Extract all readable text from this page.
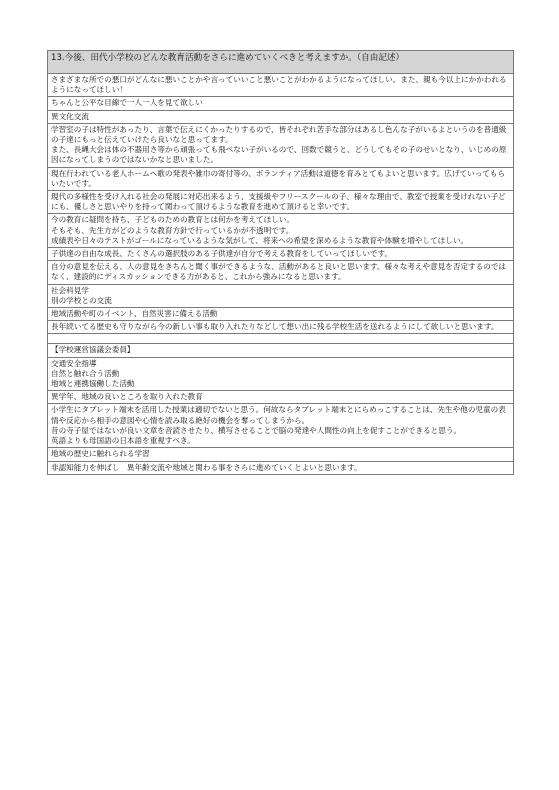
13.今後、田代小学校のどんな教育活動をさらに進めていくべきと考えますか。（自由記述）
さまざまな所での悪口がどんなに悪いことかや言っていいこと悪いことがわかるようになってほしい。また、親も今以上にかかわれるようになってほしい！
ちゃんと公平な目線で一人一人を見て欲しい
異文化交流
学習室の子は特性があったり、言葉で伝えにくかったりするので、皆それぞれ苦手な部分はあるし色んな子がいるよというのを普通級の子達にもっと伝えていけたら良いなと思ってます。
また、長縄大会は体の不器用さ等から頑張っても飛べない子がいるので、回数で競うと、どうしてもその子のせいとなり、いじめの原因になってしまうのではないかなと思いました。
現在行われている老人ホームへ歌の発表や雑巾の寄付等の、ボランティア活動は道徳を育みとてもよいと思います。広げていってもらいたいです。
現代の多様性を受け入れる社会の発展に対応出来るよう、支援級やフリースクールの子、様々な理由で、教室で授業を受けれない子どにも、優しさと思いやりを持って関わって頂けるような教育を進めて頂けると幸いです。
今の教育に疑問を持ち、子どものための教育とは何かを考えてほしい。
そもそも、先生方がどのような教育方針で行っているかが不透明です。
成績表や日々のテストがゴールになっているような気がして、将来への希望を深めるような教育や体験を増やしてほしい。
子供達の自由な成長、たくさんの選択肢のある子供達が自分で考える教育をしていってほしいです。
自分の意見を伝える、人の意見をきちんと聞く事ができるような、活動があると良いと思います。様々な考えや意見を否定するのではなく、建設的にディスカッションできる力があると、これから強みになると思います。
社会科見学
別の学校との交流
地域活動や町のイベント、自然災害に備える活動
長年続いてる歴史も守りながら今の新しい事も取り入れたりなどして想い出に残る学校生活を送れるようにして欲しいと思います。
【学校運営協議会委員】
交通安全指導
自然と触れ合う活動
地域と連携協働した活動
異学年、地域の良いところを取り入れた教育
小学生にタブレット端末を活用した授業は適切でないと思う。何故ならタブレット端末とにらめっこすることは、先生や他の児童の表情や反応から相手の意図や心情を読み取る絶好の機会を奪ってしまうから。
昔の寺子屋ではないが良い文章を音読させたり、横写させることで脳の発達や人間性の向上を促すことができると思う。
英語よりも母国語の日本語を重視すべき。
地域の歴史に触れられる学習
非認知能力を伸ばし　異年齢交流や地域と関わる事をさらに進めていくとよいと思います。
